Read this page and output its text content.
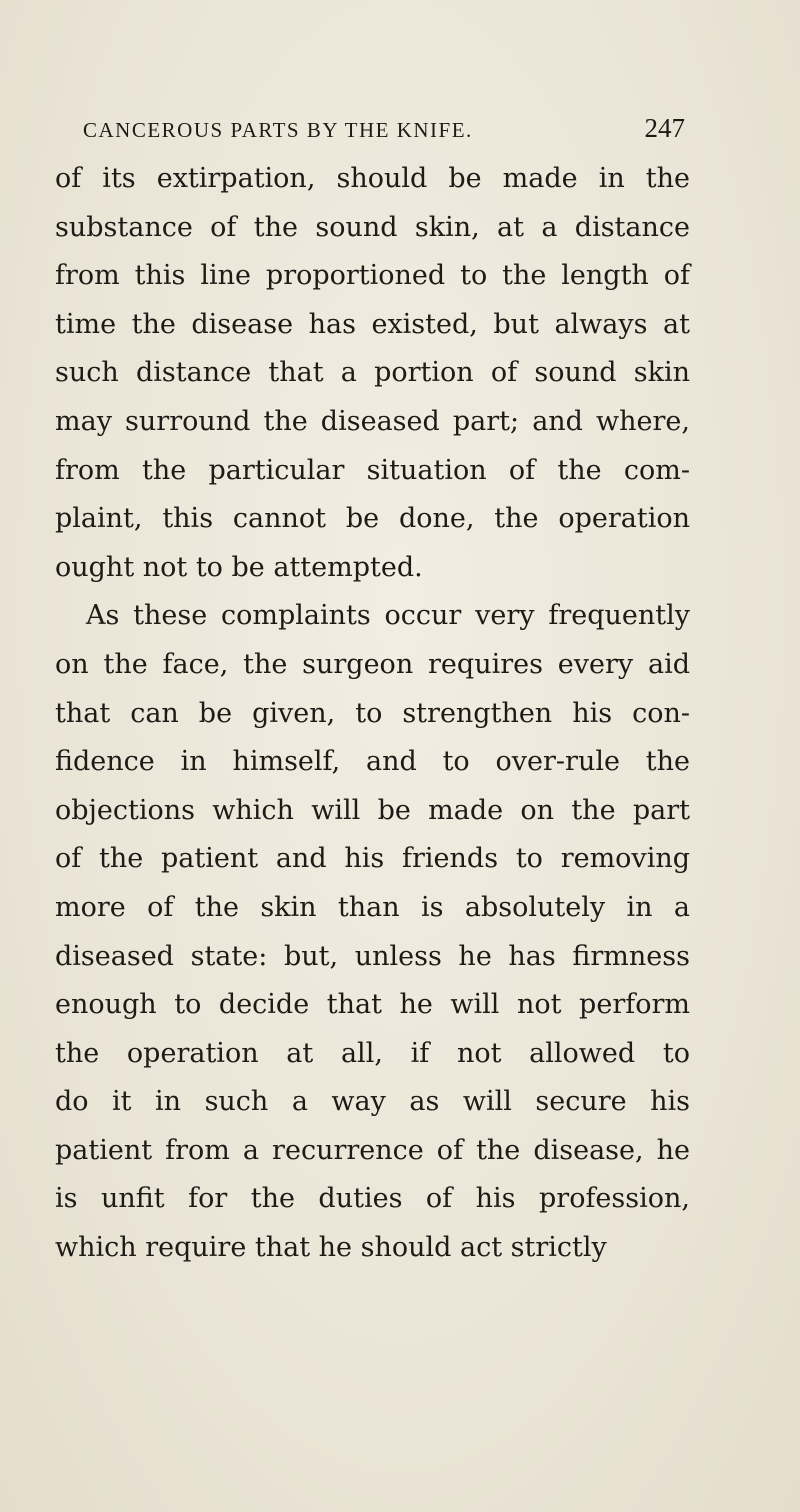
CANCEROUS PARTS BY THE KNIFE.	247
of its extirpation, should be made in the
substance of the sound skin, at a distance
from this line proportioned to the length of
time the disease has existed, but always at
such distance that a portion of sound skin
may surround the diseased part; and where,
from the particular situation of the com-
plaint, this cannot be done, the operation
ought not to be attempted.
As these complaints occur very frequently
on the face, the surgeon requires every aid
that can be given, to strengthen his con-
fidence in himself, and to over-rule the
objections which will be made on the part
of the patient and his friends to removing
more of the skin than is absolutely in a
diseased state: but, unless he has firmness
enough to decide that he will not perform
the operation at all, if not allowed to
do it in such a way as will secure his
patient from a recurrence of the disease, he
is unfit for the duties of his profession,
which require that he should act strictly
